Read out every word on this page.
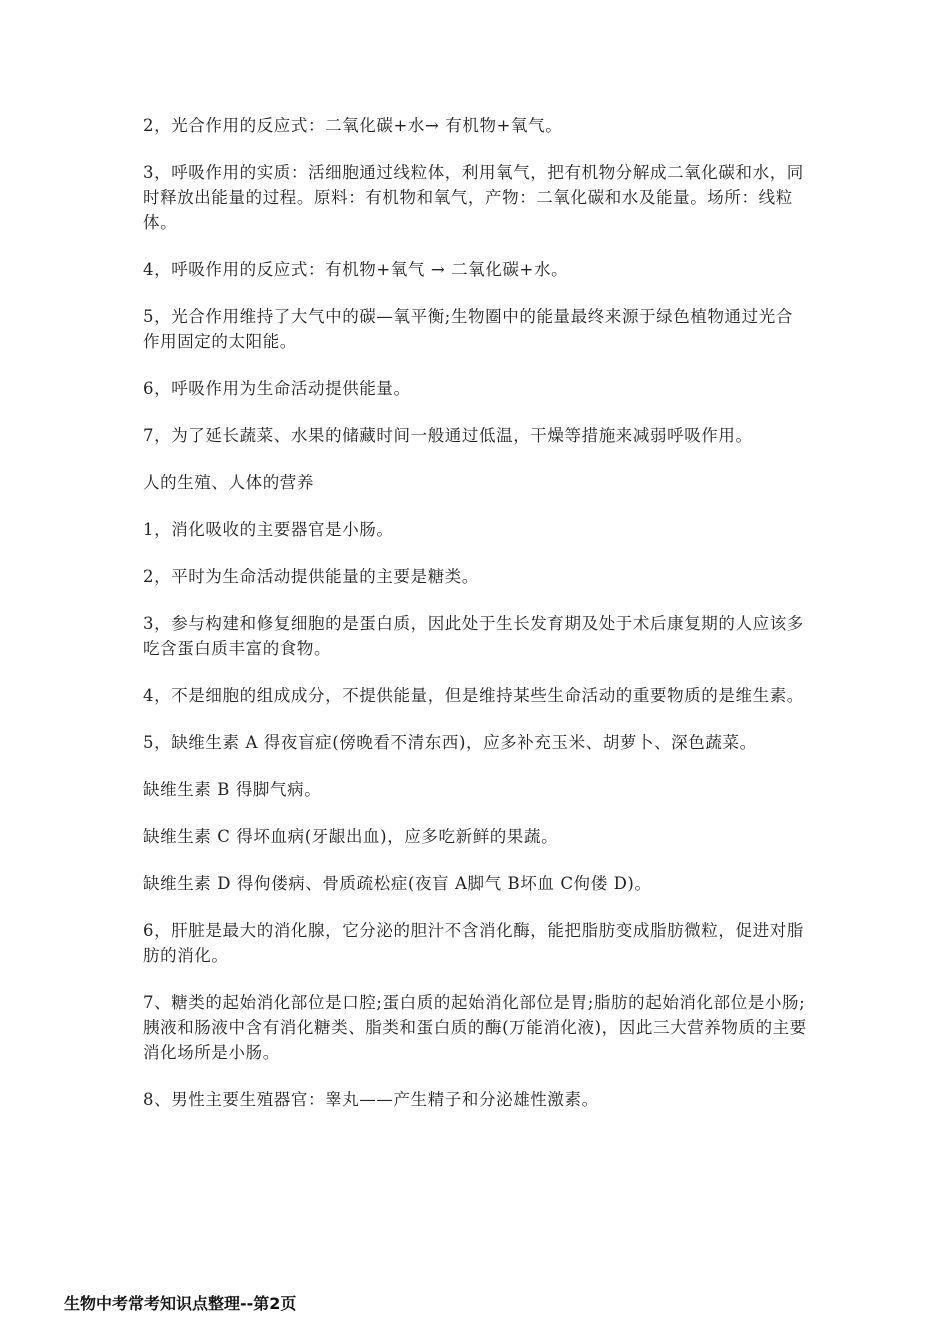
2，光合作用的反应式：二氧化碳+水→ 有机物+氧气。

3，呼吸作用的实质：活细胞通过线粒体，利用氧气，把有机物分解成二氧化碳和水，同时释放出能量的过程。原料：有机物和氧气，产物：二氧化碳和水及能量。场所：线粒体。

4，呼吸作用的反应式：有机物+氧气 → 二氧化碳+水。

5，光合作用维持了大气中的碳—氧平衡;生物圈中的能量最终来源于绿色植物通过光合作用固定的太阳能。

6，呼吸作用为生命活动提供能量。

7，为了延长蔬菜、水果的储藏时间一般通过低温，干燥等措施来减弱呼吸作用。

人的生殖、人体的营养

1，消化吸收的主要器官是小肠。

2，平时为生命活动提供能量的主要是糖类。

3，参与构建和修复细胞的是蛋白质，因此处于生长发育期及处于术后康复期的人应该多吃含蛋白质丰富的食物。

4，不是细胞的组成成分，不提供能量，但是维持某些生命活动的重要物质的是维生素。

5，缺维生素 A 得夜盲症(傍晚看不清东西)，应多补充玉米、胡萝卜、深色蔬菜。

缺维生素 B 得脚气病。

缺维生素 C 得坏血病(牙龈出血)，应多吃新鲜的果蔬。

缺维生素 D 得佝偻病、骨质疏松症(夜盲 A脚气 B坏血 C佝偻 D)。

6，肝脏是最大的消化腺，它分泌的胆汁不含消化酶，能把脂肪变成脂肪微粒，促进对脂肪的消化。

7、糖类的起始消化部位是口腔;蛋白质的起始消化部位是胃;脂肪的起始消化部位是小肠;胰液和肠液中含有消化糖类、脂类和蛋白质的酶(万能消化液)，因此三大营养物质的主要消化场所是小肠。

8、男性主要生殖器官：睾丸——产生精子和分泌雄性激素。

生物中考常考知识点整理--第2页
